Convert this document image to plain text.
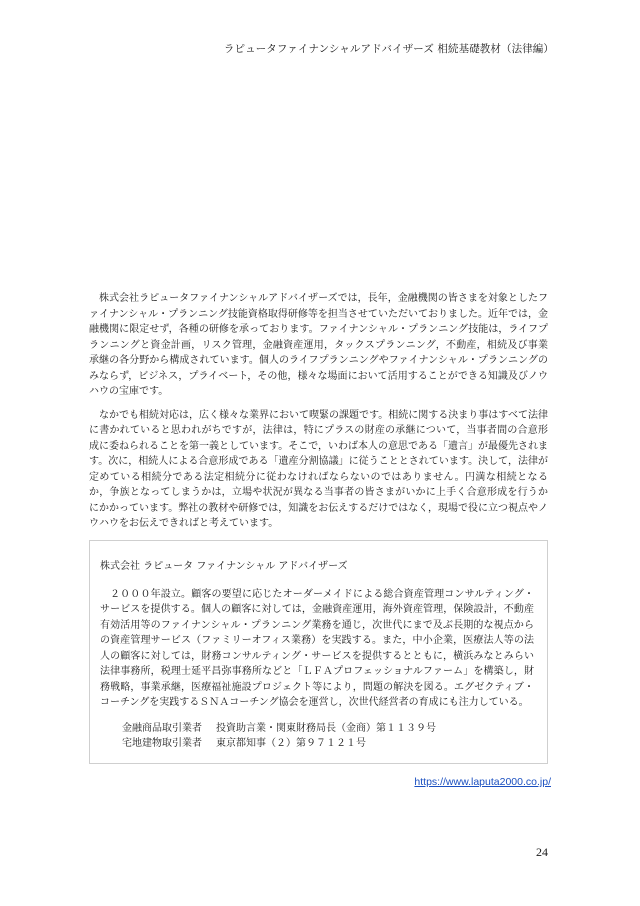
ラピュータファイナンシャルアドバイザーズ 相続基礎教材（法律編）

株式会社ラピュータファイナンシャルアドバイザーズでは，長年，金融機関の皆さまを対象としたファイナンシャル・プランニング技能資格取得研修等を担当させていただいておりました。近年では，金融機関に限定せず，各種の研修を承っております。ファイナンシャル・プランニング技能は，ライフプランニングと資金計画，リスク管理，金融資産運用，タックスプランニング，不動産，相続及び事業承継の各分野から構成されています。個人のライフプランニングやファイナンシャル・プランニングのみならず，ビジネス，プライベート，その他，様々な場面において活用することができる知識及びノウハウの宝庫です。

なかでも相続対応は，広く様々な業界において喫緊の課題です。相続に関する決まり事はすべて法律に書かれていると思われがちですが，法律は，特にプラスの財産の承継について，当事者間の合意形成に委ねられることを第一義としています。そこで，いわば本人の意思である「遺言」が最優先されます。次に，相続人による合意形成である「遺産分割協議」に従うこととされています。決して，法律が定めている相続分である法定相続分に従わなければならないのではありません。円満な相続となるか，争族となってしまうかは，立場や状況が異なる当事者の皆さまがいかに上手く合意形成を行うかにかかっています。弊社の教材や研修では，知識をお伝えするだけではなく，現場で役に立つ視点やノウハウをお伝えできればと考えています。

株式会社 ラピュータ ファイナンシャル アドバイザーズ

２０００年設立。顧客の要望に応じたオーダーメイドによる総合資産管理コンサルティング・サービスを提供する。個人の顧客に対しては，金融資産運用，海外資産管理，保険設計，不動産有効活用等のファイナンシャル・プランニング業務を通じ，次世代にまで及ぶ長期的な視点からの資産管理サービス（ファミリーオフィス業務）を実践する。また，中小企業，医療法人等の法人の顧客に対しては，財務コンサルティング・サービスを提供するとともに，横浜みなとみらい法律事務所，税理士延平昌弥事務所などと「ＬＦＡプロフェッショナルファーム」を構築し，財務戦略，事業承継，医療福祉施設プロジェクト等により，問題の解決を図る。エグゼクティブ・コーチングを実践するＳＮＡコーチング協会を運営し，次世代経営者の育成にも注力している。

金融商品取引業者 投資助言業・関東財務局長（金商）第１１３９号

宅地建物取引業者 東京都知事（２）第９７１２１号

https://www.laputa2000.co.jp/
24
